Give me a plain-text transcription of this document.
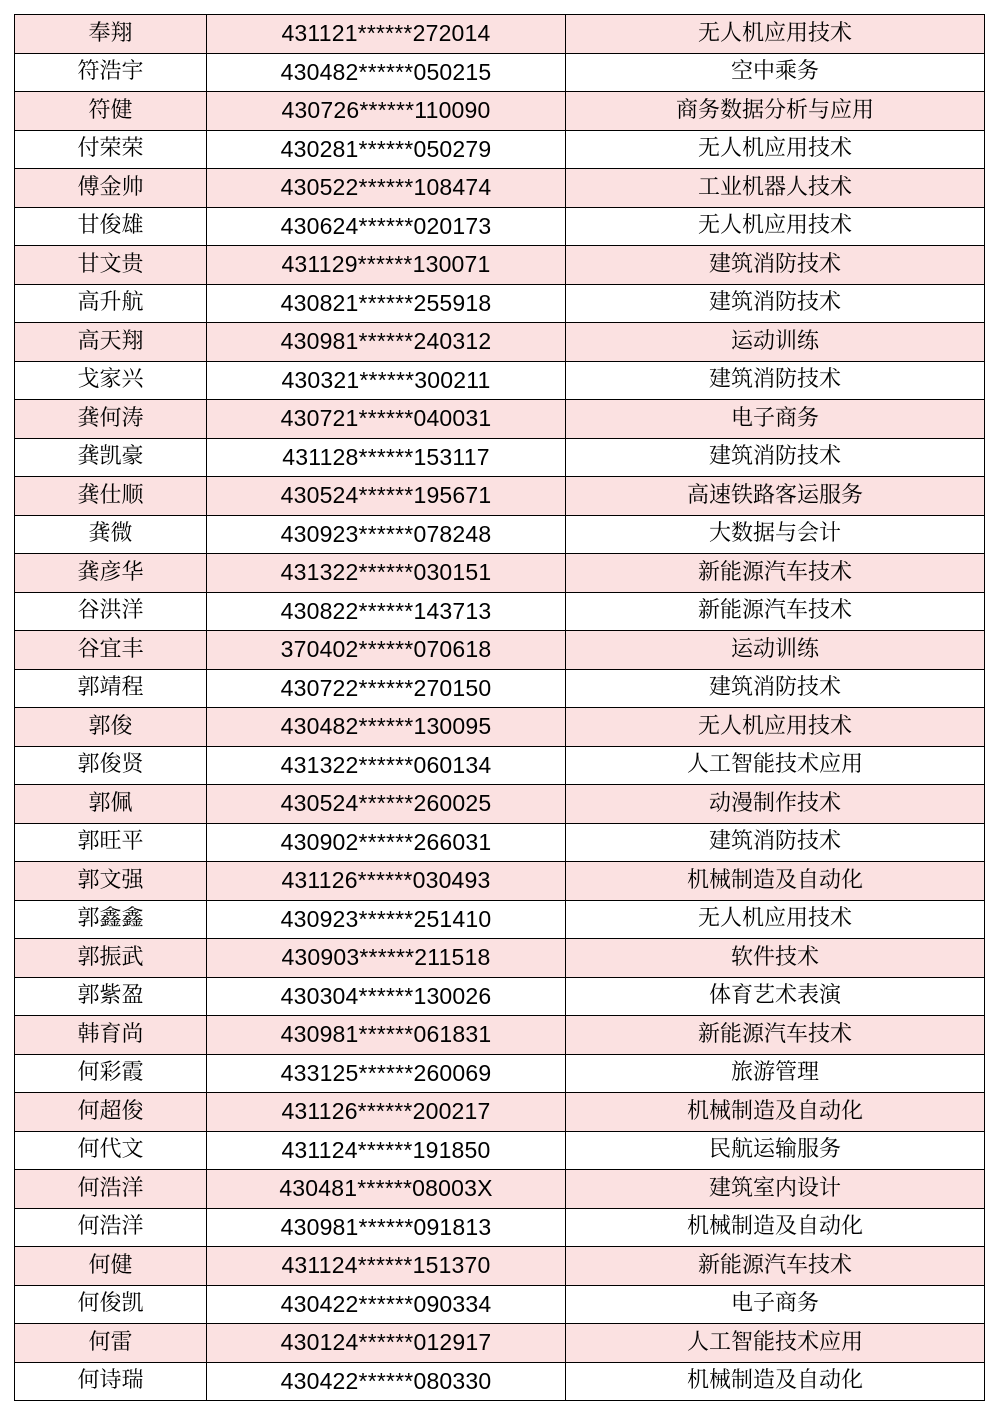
奉翔	431121******272014	无人机应用技术
符浩宇	430482******050215	空中乘务
符健	430726******110090	商务数据分析与应用
付荣荣	430281******050279	无人机应用技术
傅金帅	430522******108474	工业机器人技术
甘俊雄	430624******020173	无人机应用技术
甘文贵	431129******130071	建筑消防技术
高升航	430821******255918	建筑消防技术
高天翔	430981******240312	运动训练
戈家兴	430321******300211	建筑消防技术
龚何涛	430721******040031	电子商务
龚凯豪	431128******153117	建筑消防技术
龚仕顺	430524******195671	高速铁路客运服务
龚微	430923******078248	大数据与会计
龚彦华	431322******030151	新能源汽车技术
谷洪洋	430822******143713	新能源汽车技术
谷宜丰	370402******070618	运动训练
郭靖程	430722******270150	建筑消防技术
郭俊	430482******130095	无人机应用技术
郭俊贤	431322******060134	人工智能技术应用
郭佩	430524******260025	动漫制作技术
郭旺平	430902******266031	建筑消防技术
郭文强	431126******030493	机械制造及自动化
郭鑫鑫	430923******251410	无人机应用技术
郭振武	430903******211518	软件技术
郭紫盈	430304******130026	体育艺术表演
韩育尚	430981******061831	新能源汽车技术
何彩霞	433125******260069	旅游管理
何超俊	431126******200217	机械制造及自动化
何代文	431124******191850	民航运输服务
何浩洋	430481******08003X	建筑室内设计
何浩洋	430981******091813	机械制造及自动化
何健	431124******151370	新能源汽车技术
何俊凯	430422******090334	电子商务
何雷	430124******012917	人工智能技术应用
何诗瑞	430422******080330	机械制造及自动化
